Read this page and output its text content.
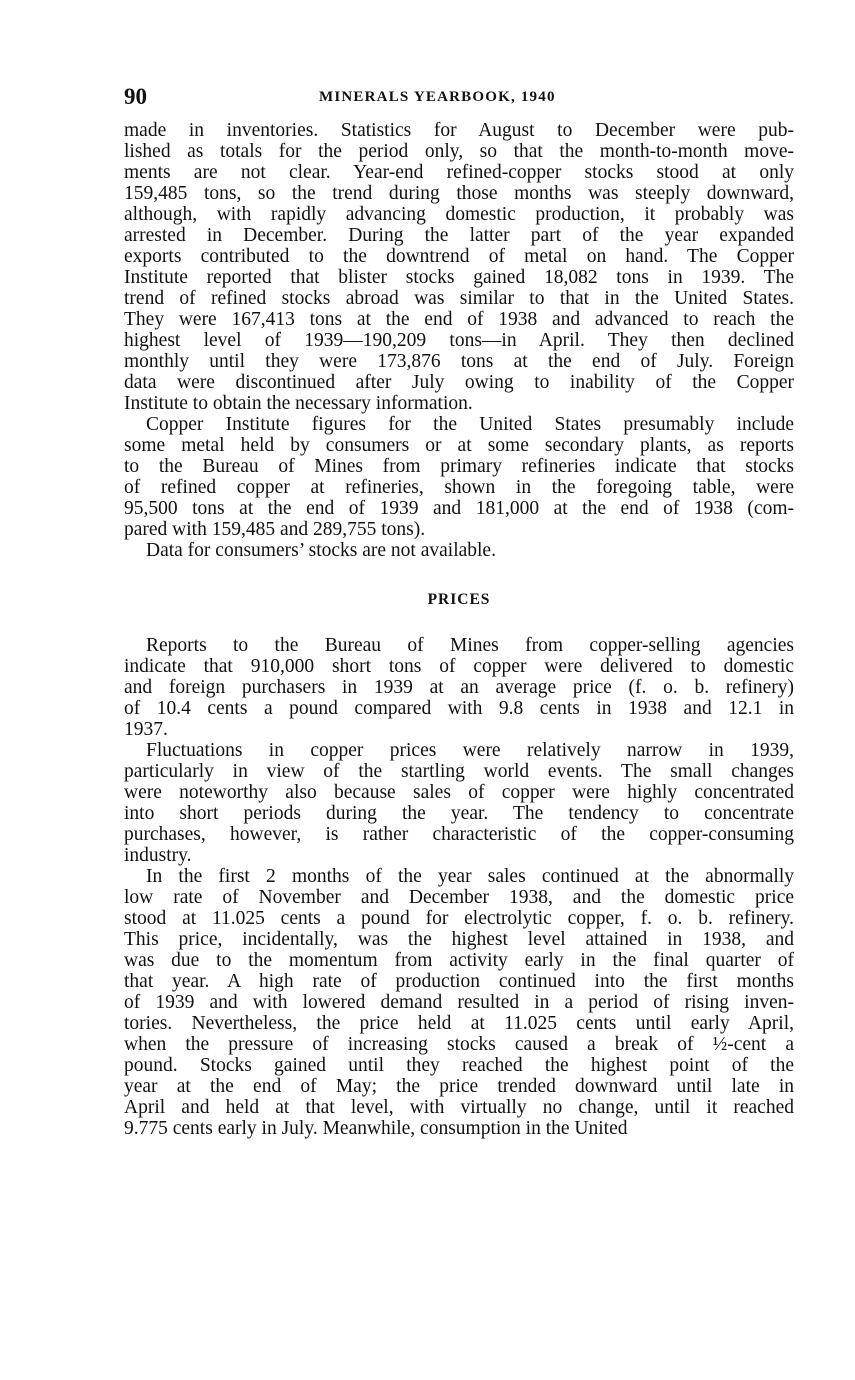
90	MINERALS YEARBOOK, 1940

made in inventories. Statistics for August to December were pub-
lished as totals for the period only, so that the month-to-month move-
ments are not clear. Year-end refined-copper stocks stood at only
159,485 tons, so the trend during those months was steeply downward,
although, with rapidly advancing domestic production, it probably was
arrested in December. During the latter part of the year expanded
exports contributed to the downtrend of metal on hand. The Copper
Institute reported that blister stocks gained 18,082 tons in 1939. The
trend of refined stocks abroad was similar to that in the United States.
They were 167,413 tons at the end of 1938 and advanced to reach the
highest level of 1939—190,209 tons—in April. They then declined
monthly until they were 173,876 tons at the end of July. Foreign
data were discontinued after July owing to inability of the Copper
Institute to obtain the necessary information.

Copper Institute figures for the United States presumably include
some metal held by consumers or at some secondary plants, as reports
to the Bureau of Mines from primary refineries indicate that stocks
of refined copper at refineries, shown in the foregoing table, were
95,500 tons at the end of 1939 and 181,000 at the end of 1938 (com-
pared with 159,485 and 289,755 tons).

Data for consumers’ stocks are not available.

PRICES

Reports to the Bureau of Mines from copper-selling agencies
indicate that 910,000 short tons of copper were delivered to domestic
and foreign purchasers in 1939 at an average price (f. o. b. refinery)
of 10.4 cents a pound compared with 9.8 cents in 1938 and 12.1 in
1937.

Fluctuations in copper prices were relatively narrow in 1939,
particularly in view of the startling world events. The small changes
were noteworthy also because sales of copper were highly concentrated
into short periods during the year. The tendency to concentrate
purchases, however, is rather characteristic of the copper-consuming
industry.

In the first 2 months of the year sales continued at the abnormally
low rate of November and December 1938, and the domestic price
stood at 11.025 cents a pound for electrolytic copper, f. o. b. refinery.
This price, incidentally, was the highest level attained in 1938, and
was due to the momentum from activity early in the final quarter of
that year. A high rate of production continued into the first months
of 1939 and with lowered demand resulted in a period of rising inven-
tories. Nevertheless, the price held at 11.025 cents until early April,
when the pressure of increasing stocks caused a break of ½-cent a
pound. Stocks gained until they reached the highest point of the
year at the end of May; the price trended downward until late in
April and held at that level, with virtually no change, until it reached
9.775 cents early in July. Meanwhile, consumption in the United
